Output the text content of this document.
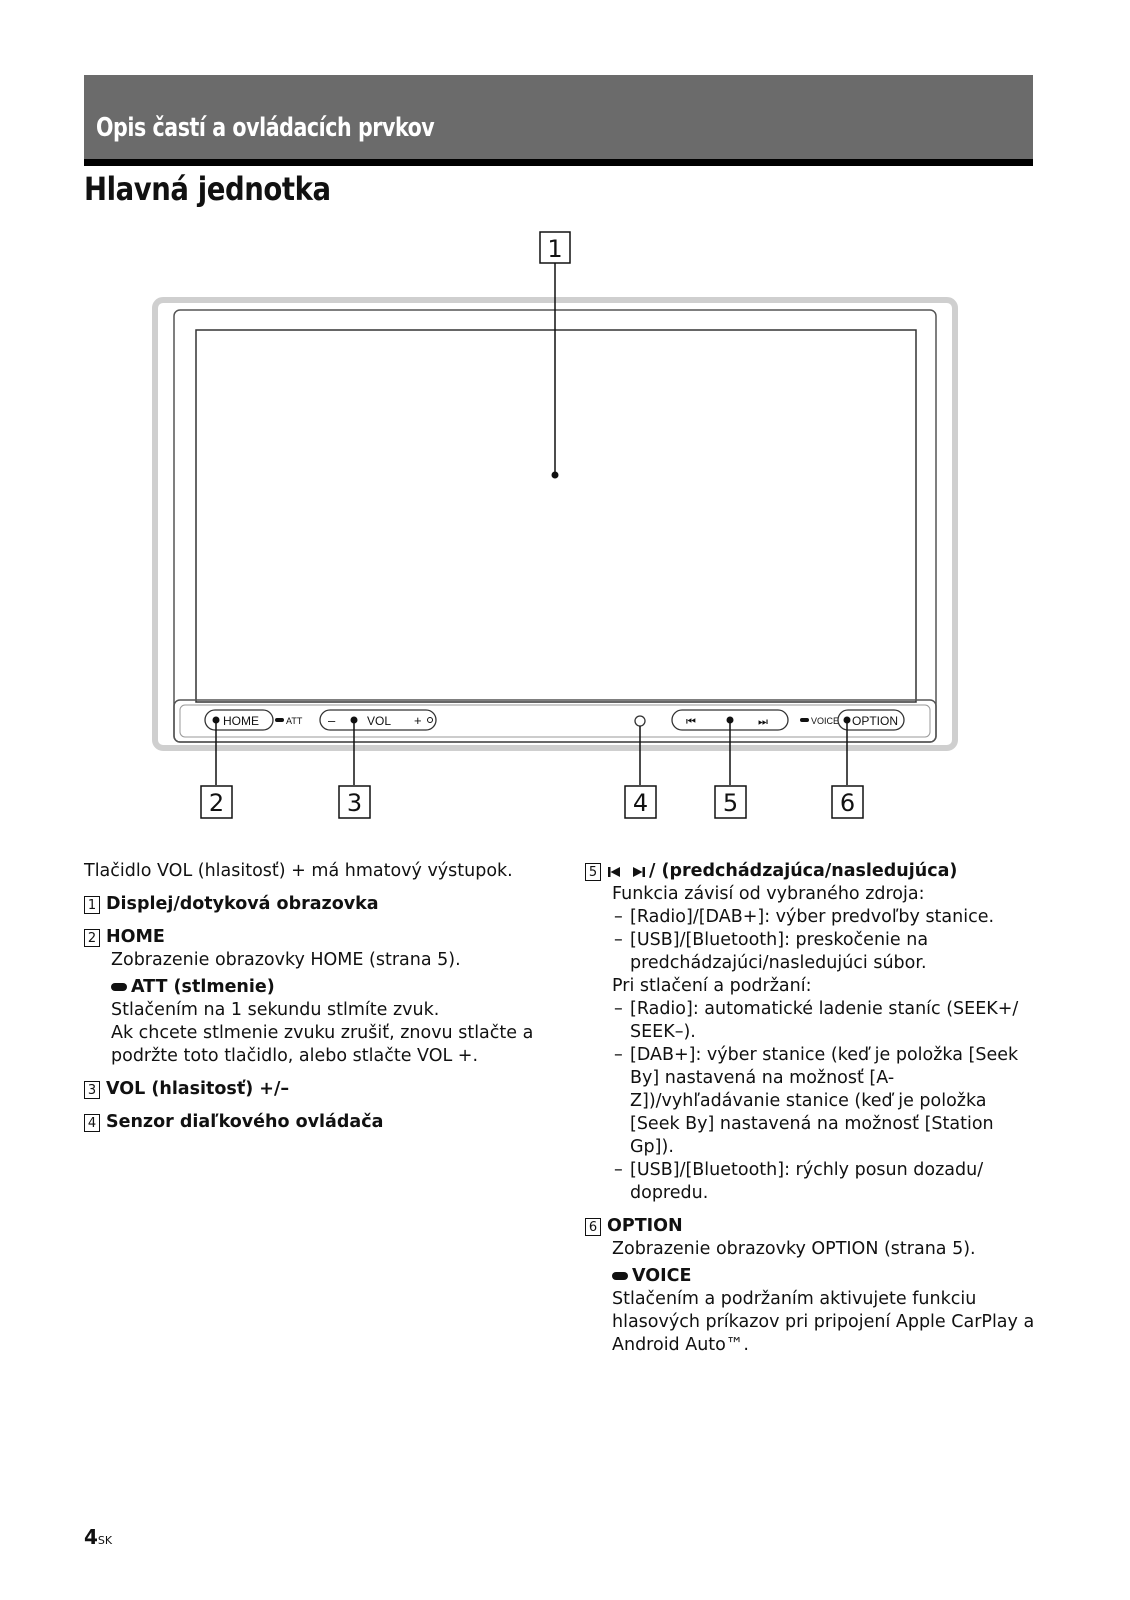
Opis častí a ovládacích prvkov
Hlavná jednotka
HOME	ATT –	VOL +	⏮	⏭	VOICE OPTION
1
2	3	4	5	6
Tlačidlo VOL (hlasitosť) + má hmatový výstupok.
1 Displej/dotyková obrazovka
2 HOME
Zobrazenie obrazovky HOME (strana 5).
ATT (stlmenie)
Stlačením na 1 sekundu stlmíte zvuk.
Ak chcete stlmenie zvuku zrušiť, znovu stlačte a podržte toto tlačidlo, alebo stlačte VOL +.
3 VOL (hlasitosť) +/–
4 Senzor diaľkového ovládača
5	/ (predchádzajúca/nasledujúca)
Funkcia závisí od vybraného zdroja:
– [Radio]/[DAB+]: výber predvoľby stanice.
– [USB]/[Bluetooth]: preskočenie na predchádzajúci/nasledujúci súbor.
Pri stlačení a podržaní:
– [Radio]: automatické ladenie staníc (SEEK+/ SEEK–).
– [DAB+]: výber stanice (keď je položka [Seek By] nastavená na možnosť [A-Z])/vyhľadávanie stanice (keď je položka [Seek By] nastavená na možnosť [Station Gp]).
– [USB]/[Bluetooth]: rýchly posun dozadu/ dopredu.
6 OPTION
Zobrazenie obrazovky OPTION (strana 5).
VOICE
Stlačením a podržaním aktivujete funkciu hlasových príkazov pri pripojení Apple CarPlay a Android Auto™.
4SK
